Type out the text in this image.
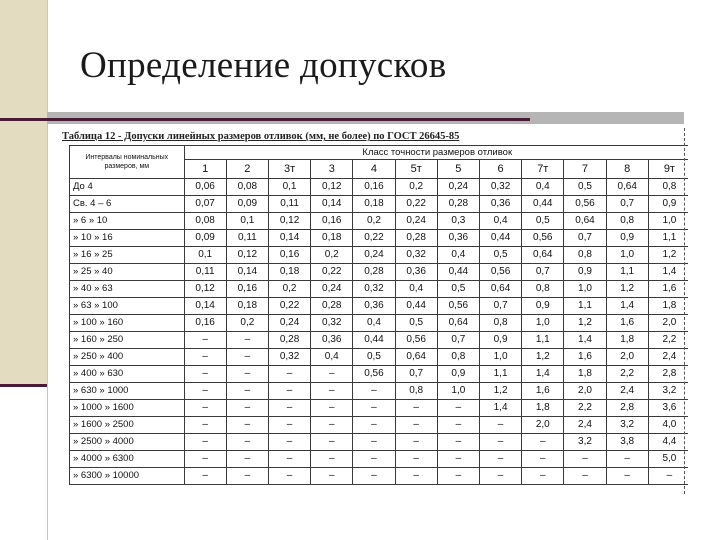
Определение допусков
Таблица 12 - Допуски линейных размеров отливок (мм, не более) по ГОСТ 26645-85
Интервалы номинальных размеров, мм	Класс точности размеров отливок											
	1	2	3т	3	4	5т	5	6	7т	7	8	9т
До 4	0,06	0,08	0,1	0,12	0,16	0,2	0,24	0,32	0,4	0,5	0,64	0,8
Св. 4 – 6	0,07	0,09	0,11	0,14	0,18	0,22	0,28	0,36	0,44	0,56	0,7	0,9
» 6 » 10	0,08	0,1	0,12	0,16	0,2	0,24	0,3	0,4	0,5	0,64	0,8	1,0
» 10 » 16	0,09	0,11	0,14	0,18	0,22	0,28	0,36	0,44	0,56	0,7	0,9	1,1
» 16 » 25	0,1	0,12	0,16	0,2	0,24	0,32	0,4	0,5	0,64	0,8	1,0	1,2
» 25 » 40	0,11	0,14	0,18	0,22	0,28	0,36	0,44	0,56	0,7	0,9	1,1	1,4
» 40 » 63	0,12	0,16	0,2	0,24	0,32	0,4	0,5	0,64	0,8	1,0	1,2	1,6
» 63 » 100	0,14	0,18	0,22	0,28	0,36	0,44	0,56	0,7	0,9	1,1	1,4	1,8
» 100 » 160	0,16	0,2	0,24	0,32	0,4	0,5	0,64	0,8	1,0	1,2	1,6	2,0
» 160 » 250	–	–	0,28	0,36	0,44	0,56	0,7	0,9	1,1	1,4	1,8	2,2
» 250 » 400	–	–	0,32	0,4	0,5	0,64	0,8	1,0	1,2	1,6	2,0	2,4
» 400 » 630	–	–	–	–	0,56	0,7	0,9	1,1	1,4	1,8	2,2	2,8
» 630 » 1000	–	–	–	–	–	0,8	1,0	1,2	1,6	2,0	2,4	3,2
» 1000 » 1600	–	–	–	–	–	–	–	1,4	1,8	2,2	2,8	3,6
» 1600 » 2500	–	–	–	–	–	–	–	–	2,0	2,4	3,2	4,0
» 2500 » 4000	–	–	–	–	–	–	–	–	–	3,2	3,8	4,4
» 4000 » 6300	–	–	–	–	–	–	–	–	–	–	–	5,0
» 6300 » 10000	–	–	–	–	–	–	–	–	–	–	–	–
